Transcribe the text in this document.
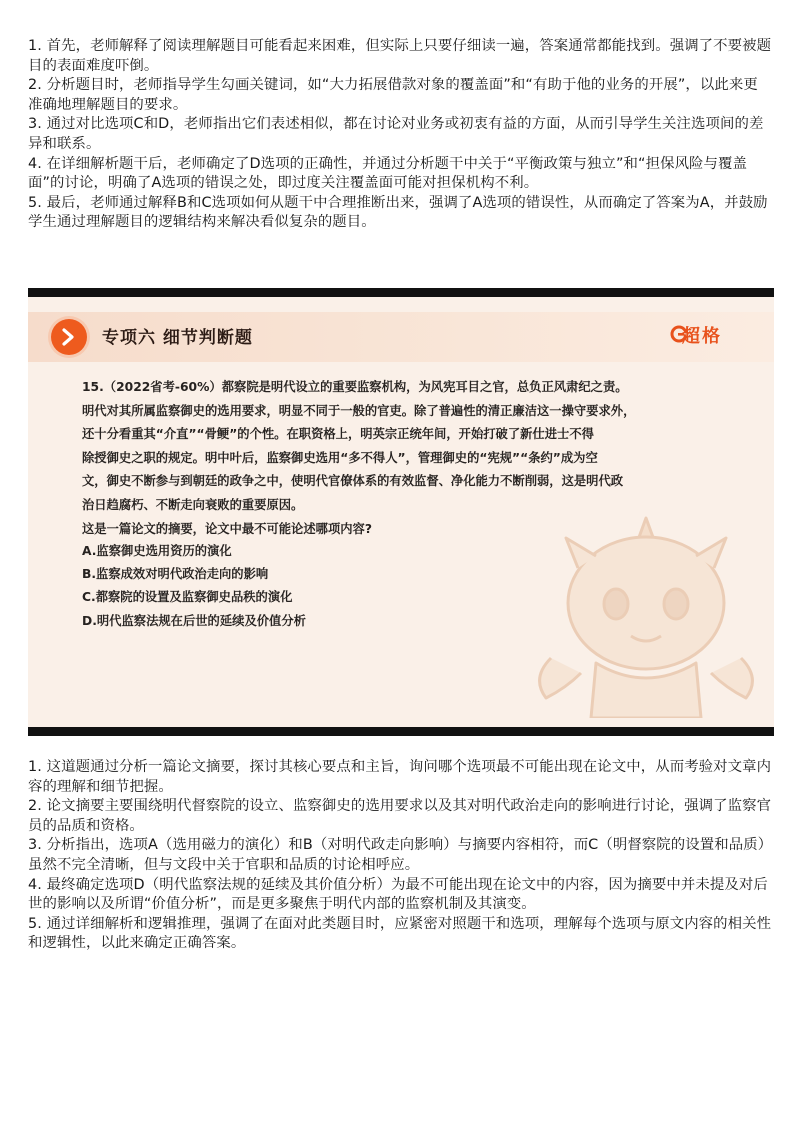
1. 首先，老师解释了阅读理解题目可能看起来困难，但实际上只要仔细读一遍，答案通常都能找到。强调了不要被题目的表面难度吓倒。

2. 分析题目时，老师指导学生勾画关键词，如“大力拓展借款对象的覆盖面”和“有助于他的业务的开展”，以此来更准确地理解题目的要求。

3. 通过对比选项C和D，老师指出它们表述相似，都在讨论对业务或初衷有益的方面，从而引导学生关注选项间的差异和联系。

4. 在详细解析题干后，老师确定了D选项的正确性，并通过分析题干中关于“平衡政策与独立”和“担保风险与覆盖面”的讨论，明确了A选项的错误之处，即过度关注覆盖面可能对担保机构不利。

5. 最后，老师通过解释B和C选项如何从题干中合理推断出来，强调了A选项的错误性，从而确定了答案为A，并鼓励学生通过理解题目的逻辑结构来解决看似复杂的题目。

专项六 细节判断题	超格

15.（2022省考-60%）都察院是明代设立的重要监察机构，为风宪耳目之官，总负正风肃纪之责。

明代对其所属监察御史的选用要求，明显不同于一般的官吏。除了普遍性的清正廉洁这一操守要求外，

还十分看重其“介直”“骨鲠”的个性。在职资格上，明英宗正统年间，开始打破了新仕进士不得

除授御史之职的规定。明中叶后，监察御史选用“多不得人”，管理御史的“宪规”“条约”成为空

文，御史不断参与到朝廷的政争之中，使明代官僚体系的有效监督、净化能力不断削弱，这是明代政

治日趋腐朽、不断走向衰败的重要原因。

这是一篇论文的摘要，论文中最不可能论述哪项内容?

A.监察御史选用资历的演化

B.监察成效对明代政治走向的影响

C.都察院的设置及监察御史品秩的演化

D.明代监察法规在后世的延续及价值分析

1. 这道题通过分析一篇论文摘要，探讨其核心要点和主旨，询问哪个选项最不可能出现在论文中，从而考验对文章内容的理解和细节把握。

2. 论文摘要主要围绕明代督察院的设立、监察御史的选用要求以及其对明代政治走向的影响进行讨论，强调了监察官员的品质和资格。

3. 分析指出，选项A（选用磁力的演化）和B（对明代政走向影响）与摘要内容相符，而C（明督察院的设置和品质）虽然不完全清晰，但与文段中关于官职和品质的讨论相呼应。

4. 最终确定选项D（明代监察法规的延续及其价值分析）为最不可能出现在论文中的内容，因为摘要中并未提及对后世的影响以及所谓“价值分析”，而是更多聚焦于明代内部的监察机制及其演变。

5. 通过详细解析和逻辑推理，强调了在面对此类题目时，应紧密对照题干和选项，理解每个选项与原文内容的相关性和逻辑性，以此来确定正确答案。
